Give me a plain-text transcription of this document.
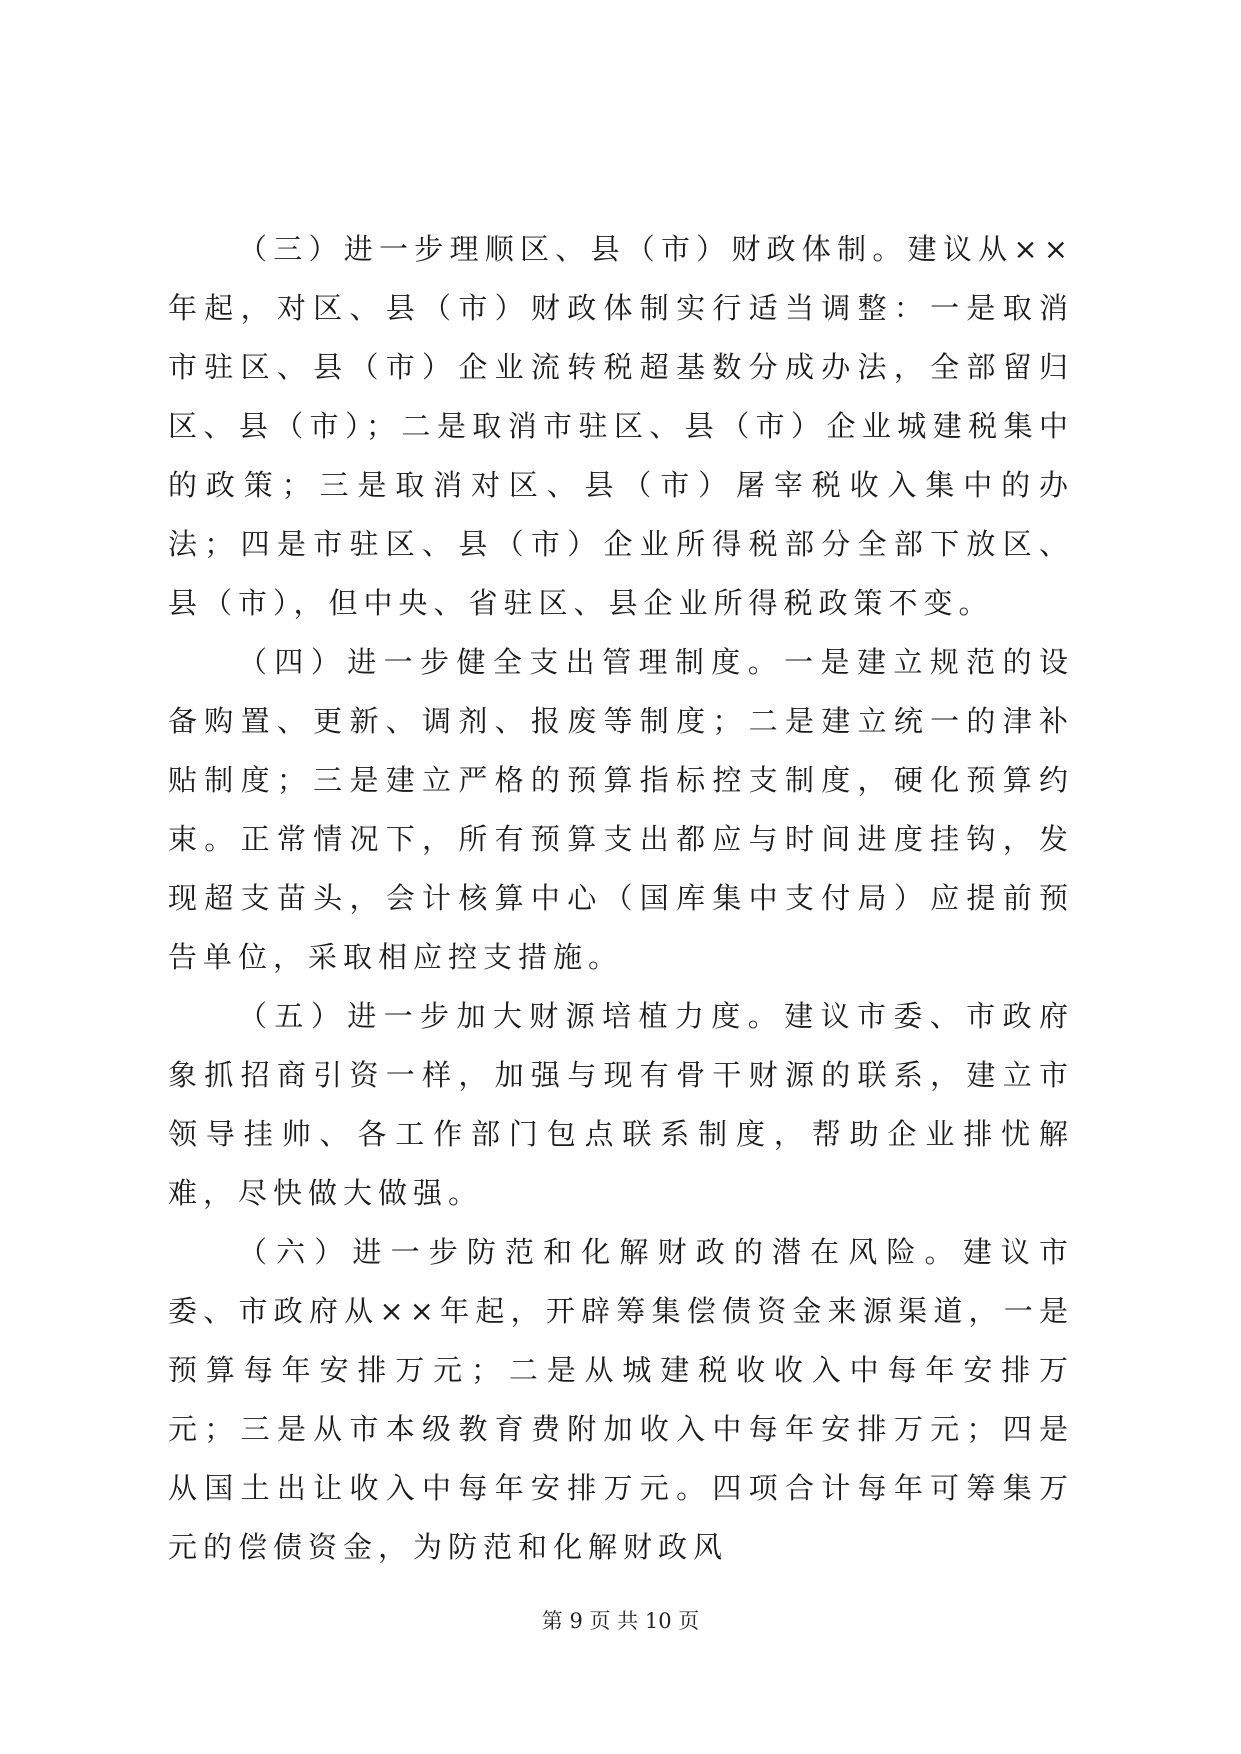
（三）进一步理顺区、县（市）财政体制。建议从××年起，对区、县（市）财政体制实行适当调整：一是取消市驻区、县（市）企业流转税超基数分成办法，全部留归区、县（市）；二是取消市驻区、县（市）企业城建税集中的政策；三是取消对区、县（市）屠宰税收入集中的办法；四是市驻区、县（市）企业所得税部分全部下放区、县（市），但中央、省驻区、县企业所得税政策不变。

（四）进一步健全支出管理制度。一是建立规范的设备购置、更新、调剂、报废等制度；二是建立统一的津补贴制度；三是建立严格的预算指标控支制度，硬化预算约束。正常情况下，所有预算支出都应与时间进度挂钩，发现超支苗头，会计核算中心（国库集中支付局）应提前预告单位，采取相应控支措施。

（五）进一步加大财源培植力度。建议市委、市政府象抓招商引资一样，加强与现有骨干财源的联系，建立市领导挂帅、各工作部门包点联系制度，帮助企业排忧解难，尽快做大做强。

（六）进一步防范和化解财政的潜在风险。建议市委、市政府从××年起，开辟筹集偿债资金来源渠道，一是预算每年安排万元；二是从城建税收收入中每年安排万元；三是从市本级教育费附加收入中每年安排万元；四是从国土出让收入中每年安排万元。四项合计每年可筹集万元的偿债资金，为防范和化解财政风

第 9 页 共 10 页
